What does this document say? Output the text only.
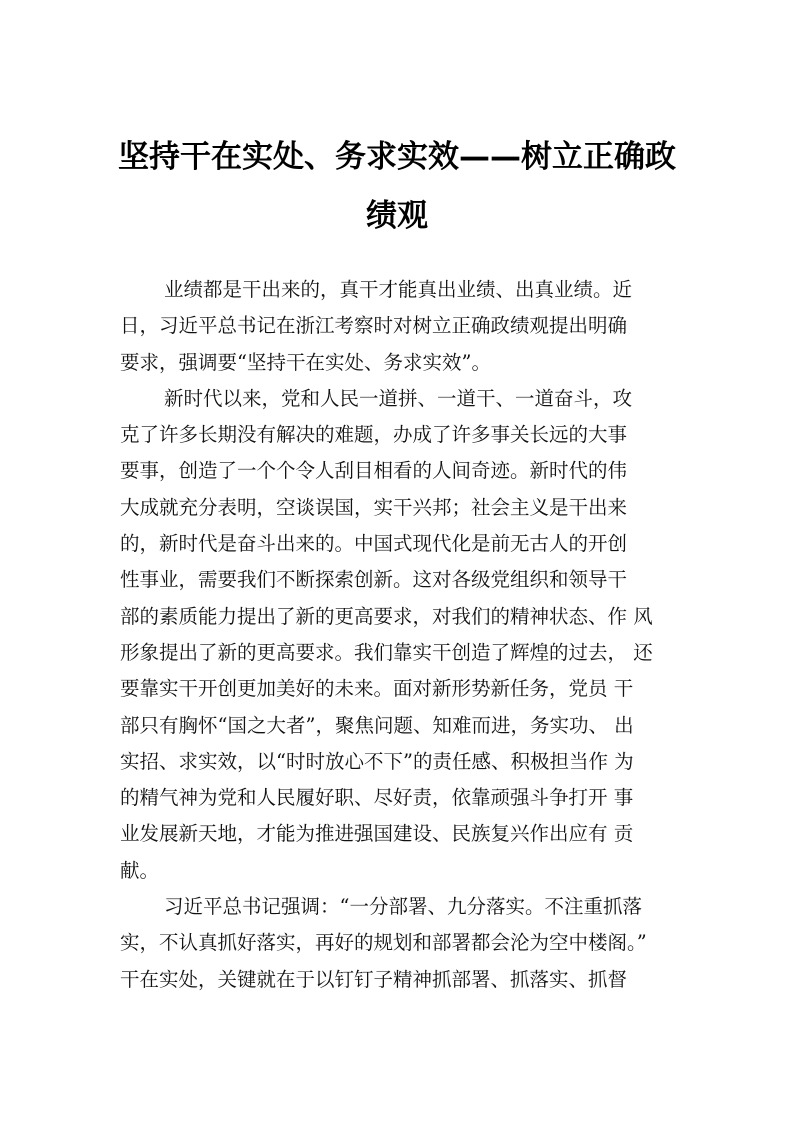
坚持干在实处、务求实效——树立正确政
绩观
业绩都是干出来的，真干才能真出业绩、出真业绩。近
日，习近平总书记在浙江考察时对树立正确政绩观提出明确
要求，强调要“坚持干在实处、务求实效”。
新时代以来，党和人民一道拼、一道干、一道奋斗，攻
克了许多长期没有解决的难题，办成了许多事关长远的大事
要事，创造了一个个令人刮目相看的人间奇迹。新时代的伟
大成就充分表明，空谈误国，实干兴邦；社会主义是干出来
的，新时代是奋斗出来的。中国式现代化是前无古人的开创
性事业，需要我们不断探索创新。这对各级党组织和领导干
部的素质能力提出了新的更高要求，对我们的精神状态、作 风
形象提出了新的更高要求。我们靠实干创造了辉煌的过去， 还
要靠实干开创更加美好的未来。面对新形势新任务，党员 干
部只有胸怀“国之大者”，聚焦问题、知难而进，务实功、 出
实招、求实效，以“时时放心不下”的责任感、积极担当作 为
的精气神为党和人民履好职、尽好责，依靠顽强斗争打开 事
业发展新天地，才能为推进强国建设、民族复兴作出应有 贡
献。
习近平总书记强调：“一分部署、九分落实。不注重抓落
实，不认真抓好落实，再好的规划和部署都会沦为空中楼阁。”
干在实处，关键就在于以钉钉子精神抓部署、抓落实、抓督
